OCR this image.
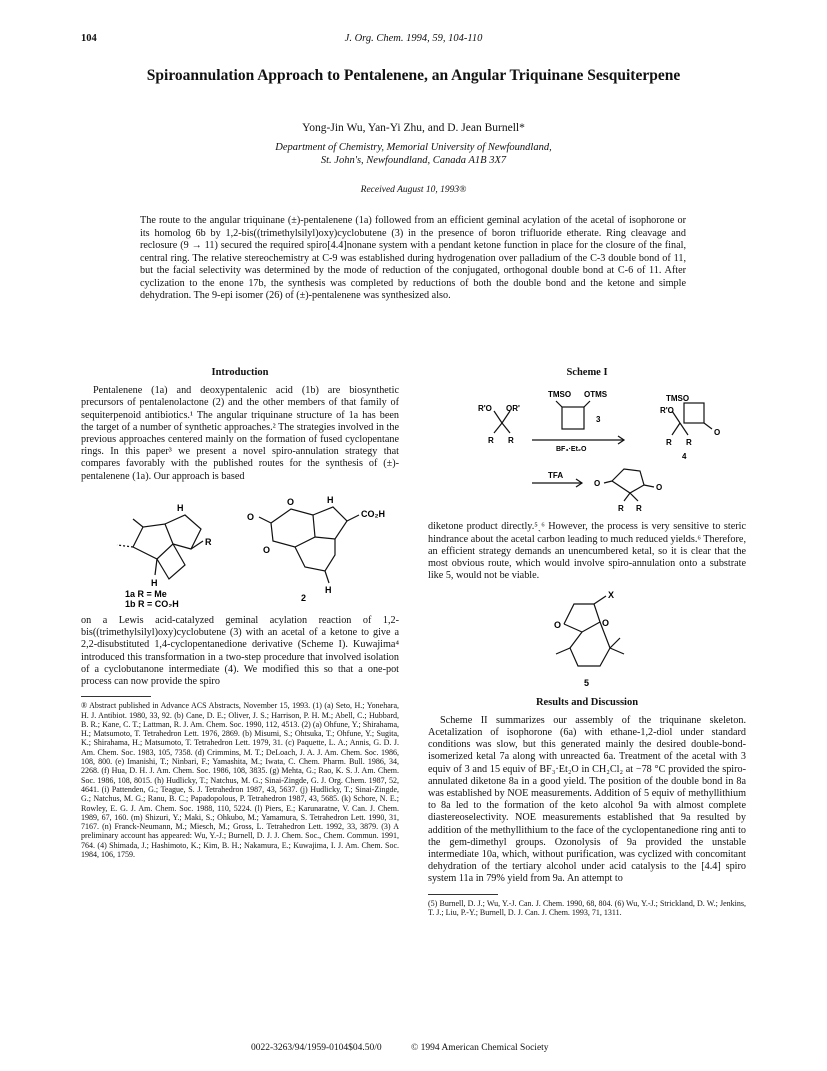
104	J. Org. Chem. 1994, 59, 104-110
Spiroannulation Approach to Pentalenene, an Angular Triquinane Sesquiterpene
Yong-Jin Wu, Yan-Yi Zhu, and D. Jean Burnell*
Department of Chemistry, Memorial University of Newfoundland,
St. John's, Newfoundland, Canada A1B 3X7
Received August 10, 1993®
The route to the angular triquinane (±)-pentalenene (1a) followed from an efficient geminal acylation of the acetal of isophorone or its homolog 6b by 1,2-bis((trimethylsilyl)oxy)cyclobutene (3) in the presence of boron trifluoride etherate. Ring cleavage and reclosure (9 → 11) secured the required spiro[4.4]nonane system with a pendant ketone function in place for the closure of the final, central ring. The relative stereochemistry at C-9 was established during hydrogenation over palladium of the C-3 double bond of 11, but the facial selectivity was determined by the mode of reduction of the conjugated, orthogonal double bond at C-6 of 11. After cyclization to the enone 17b, the synthesis was completed by reductions of both the double bond and the ketone and simple dehydration. The 9-epi isomer (26) of (±)-pentalenene was synthesized also.
Introduction

Pentalenene (1a) and deoxypentalenic acid (1b) are biosynthetic precursors of pentalenolactone (2) and the other members of that family of sequiterpenoid antibiotics.¹ The angular triquinane structure of 1a has been the target of a number of synthetic approaches.² The strategies involved in the previous approaches centered mainly on the formation of fused cyclopentane rings. In this paper³ we present a novel spiro-annulation strategy that compares favorably with the published routes for the synthesis of (±)-pentalenene (1a). Our approach is based

H
R
H
O
O
O
H
CO₂H
H
1a R = Me
1b R = CO₂H
2

on a Lewis acid-catalyzed geminal acylation reaction of 1,2-bis((trimethylsilyl)oxy)cyclobutene (3) with an acetal of a ketone to give a 2,2-disubstituted 1,4-cyclopentanedione derivative (Scheme I). Kuwajima⁴ introduced this transformation in a two-step procedure that involved isolation of a cyclobutanone intermediate (4). We modified this so that a one-pot process can now provide the spiro

® Abstract published in Advance ACS Abstracts, November 15, 1993. (1) (a) Seto, H.; Yonehara, H. J. Antibiot. 1980, 33, 92. (b) Cane, D. E.; Oliver, J. S.; Harrison, P. H. M.; Abell, C.; Hubbard, B. R.; Kane, C. T.; Lattman, R. J. Am. Chem. Soc. 1990, 112, 4513. (2) (a) Ohfune, Y.; Shirahama, H.; Matsumoto, T. Tetrahedron Lett. 1976, 2869. (b) Misumi, S.; Ohtsuka, T.; Ohfune, Y.; Sugita, K.; Shirahama, H.; Matsumoto, T. Tetrahedron Lett. 1979, 31. (c) Paquette, L. A.; Annis, G. D. J. Am. Chem. Soc. 1983, 105, 7358. (d) Crimmins, M. T.; DeLoach, J. A. J. Am. Chem. Soc. 1986, 108, 800. (e) Imanishi, T.; Ninbari, F.; Yamashita, M.; Iwata, C. Chem. Pharm. Bull. 1986, 34, 2268. (f) Hua, D. H. J. Am. Chem. Soc. 1986, 108, 3835. (g) Mehta, G.; Rao, K. S. J. Am. Chem. Soc. 1986, 108, 8015. (h) Hudlicky, T.; Natchus, M. G.; Sinai-Zingde, G. J. Org. Chem. 1987, 52, 4641. (i) Pattenden, G.; Teague, S. J. Tetrahedron 1987, 43, 5637. (j) Hudlicky, T.; Sinai-Zingde, G.; Natchus, M. G.; Ranu, B. C.; Papadopolous, P. Tetrahedron 1987, 43, 5685. (k) Schore, N. E.; Rowley, E. G. J. Am. Chem. Soc. 1988, 110, 5224. (l) Piers, E.; Karunaratne, V. Can. J. Chem. 1989, 67, 160. (m) Shizuri, Y.; Maki, S.; Ohkubo, M.; Yamamura, S. Tetrahedron Lett. 1990, 31, 7167. (n) Franck-Neumann, M.; Miesch, M.; Gross, L. Tetrahedron Lett. 1992, 33, 3879. (3) A preliminary account has appeared: Wu, Y.-J.; Burnell, D. J. J. Chem. Soc., Chem. Commun. 1991, 764. (4) Shimada, J.; Hashimoto, K.; Kim, B. H.; Nakamura, E.; Kuwajima, I. J. Am. Chem. Soc. 1984, 106, 1759.

Scheme I
TMSO OTMS
R'O OR'
R R
3
BF₃·Et₂O
TMSO
R'O
O
R R
4
TFA
O	O
R R

diketone product directly.⁵ˎ⁶ However, the process is very sensitive to steric hindrance about the acetal carbon leading to much reduced yields.⁶ Therefore, an efficient strategy demands an unencumbered ketal, so it is clear that the most obvious route, which would involve spiro-annulation onto a substrate like 5, would not be viable.

X
O	O
5
Results and Discussion

Scheme II summarizes our assembly of the triquinane skeleton. Acetalization of isophorone (6a) with ethane-1,2-diol under standard conditions was slow, but this generated mainly the desired double-bond-isomerized ketal 7a along with unreacted 6a. Treatment of the acetal with 3 equiv of 3 and 15 equiv of BF₃·Et₂O in CH₂Cl₂ at −78 °C provided the spiro-annulated diketone 8a in a good yield. The position of the double bond in 8a was established by NOE measurements. Addition of 5 equiv of methyllithium to 8a led to the formation of the keto alcohol 9a with almost complete diastereoselectivity. NOE measurements established that 9a resulted by addition of the methyllithium to the face of the cyclopentanedione ring anti to the gem-dimethyl groups. Ozonolysis of 9a provided the unstable intermediate 10a, which, without purification, was cyclized with concomitant dehydration of the tertiary alcohol under acid catalysis to the [4.4] spiro system 11a in 79% yield from 9a. An attempt to

(5) Burnell, D. J.; Wu, Y.-J. Can. J. Chem. 1990, 68, 804. (6) Wu, Y.-J.; Strickland, D. W.; Jenkins, T. J.; Liu, P.-Y.; Burnell, D. J. Can. J. Chem. 1993, 71, 1311.

0022-3263/94/1959-0104$04.50/0	© 1994 American Chemical Society
